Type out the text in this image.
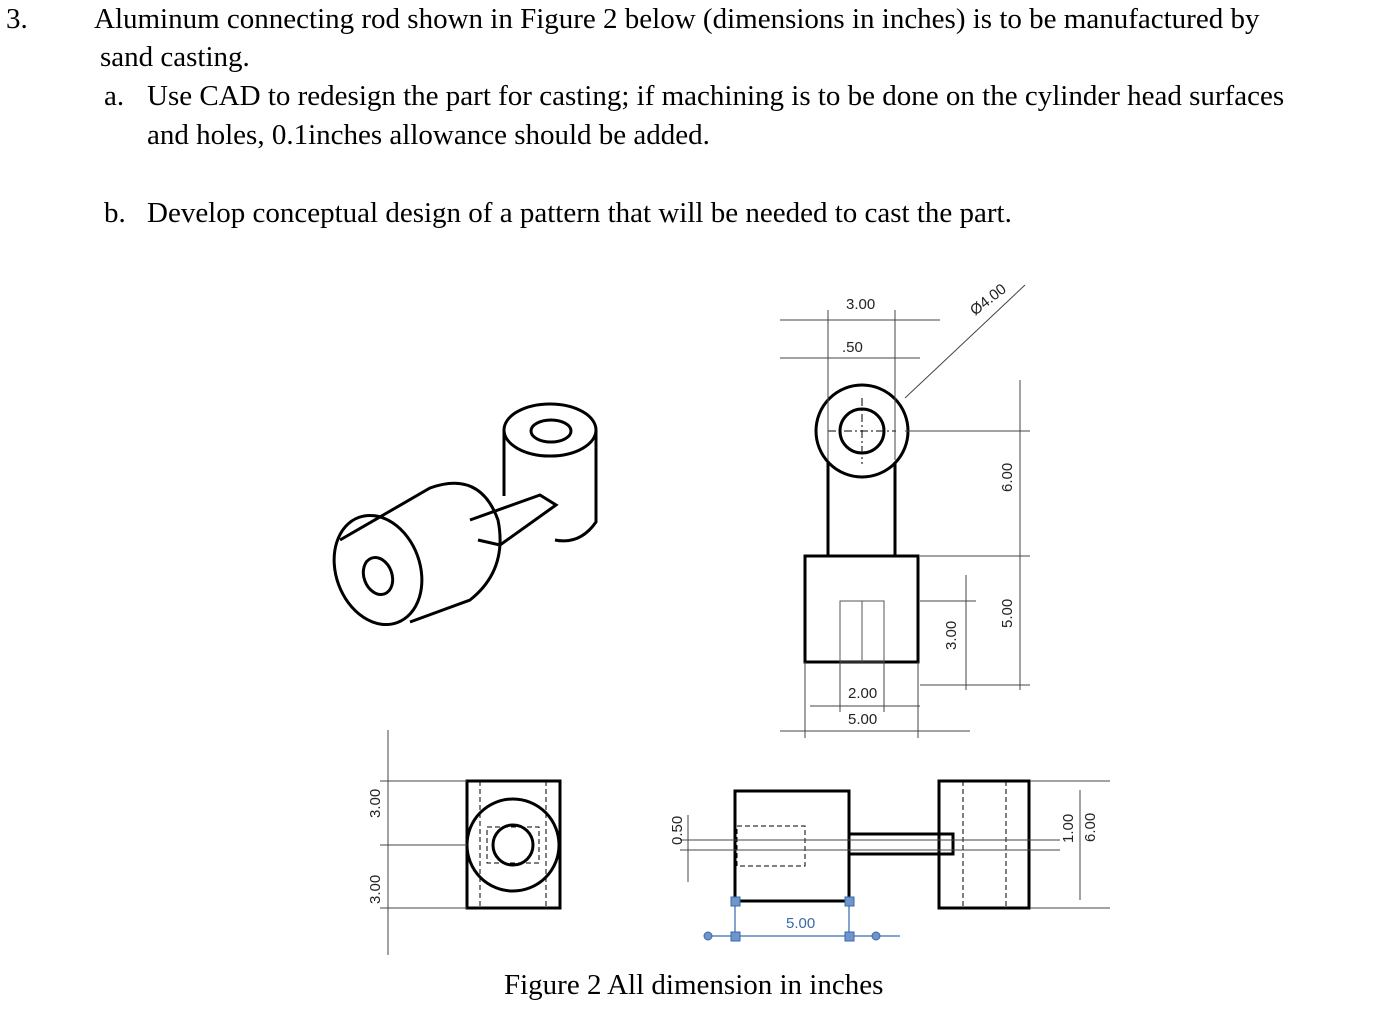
3. Aluminum connecting rod shown in Figure 2 below (dimensions in inches) is to be manufactured by
sand casting.
a. Use CAD to redesign the part for casting; if machining is to be done on the cylinder head surfaces
and holes, 0.1inches allowance should be added.
b. Develop conceptual design of a pattern that will be needed to cast the part.
3.00
.50
Ø4.00
6.00
5.00
3.00
2.00
5.00
3.00
3.00
0.50
5.00
1.00 6.00
Figure 2 All dimension in inches
